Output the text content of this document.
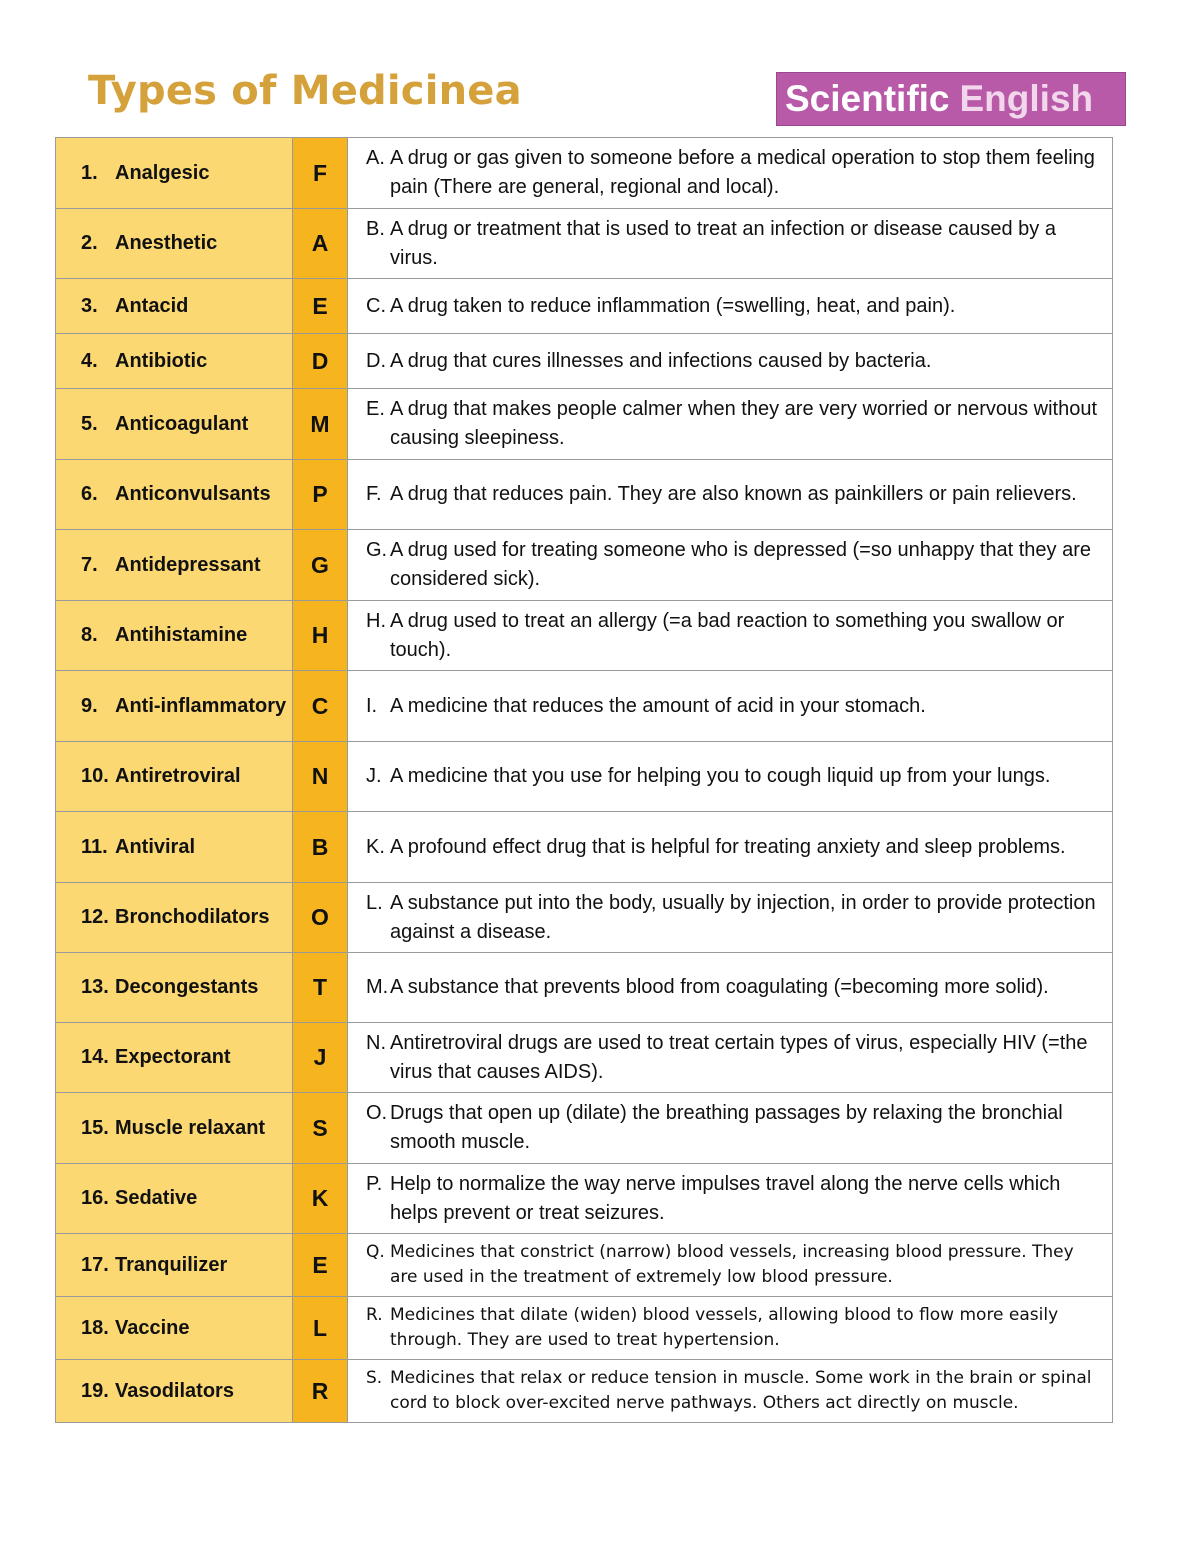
Types of Medicinea	Scientific English
1. Analgesic	F	A. A drug or gas given to someone before a medical operation to stop them feeling pain (There are general, regional and local).

2. Anesthetic	A	B. A drug or treatment that is used to treat an infection or disease caused by a virus.

3. Antacid	E	C. A drug taken to reduce inflammation (=swelling, heat, and pain).

4. Antibiotic	D	D. A drug that cures illnesses and infections caused by bacteria.

5. Anticoagulant	M	E. A drug that makes people calmer when they are very worried or nervous without causing sleepiness.

6. Anticonvulsants	P	F. A drug that reduces pain. They are also known as painkillers or pain relievers.

7. Antidepressant	G	G. A drug used for treating someone who is depressed (=so unhappy that they are considered sick).

8. Antihistamine	H	H. A drug used to treat an allergy (=a bad reaction to something you swallow or touch).

9. Anti-inflammatory	C	I. A medicine that reduces the amount of acid in your stomach.

10. Antiretroviral	N	J. A medicine that you use for helping you to cough liquid up from your lungs.

11. Antiviral	B	K. A profound effect drug that is helpful for treating anxiety and sleep problems.

12. Bronchodilators	O	L. A substance put into the body, usually by injection, in order to provide protection against a disease.

13. Decongestants	T	M. A substance that prevents blood from coagulating (=becoming more solid).

14. Expectorant	J	N. Antiretroviral drugs are used to treat certain types of virus, especially HIV (=the virus that causes AIDS).

15. Muscle relaxant	S	O. Drugs that open up (dilate) the breathing passages by relaxing the bronchial smooth muscle.

16. Sedative	K	P. Help to normalize the way nerve impulses travel along the nerve cells which helps prevent or treat seizures.

17. Tranquilizer	E	Q. Medicines that constrict (narrow) blood vessels, increasing blood pressure. They are used in the treatment of extremely low blood pressure.

18. Vaccine	L	R. Medicines that dilate (widen) blood vessels, allowing blood to flow more easily through. They are used to treat hypertension.

19. Vasodilators	R	S. Medicines that relax or reduce tension in muscle. Some work in the brain or spinal cord to block over-excited nerve pathways. Others act directly on muscle.
